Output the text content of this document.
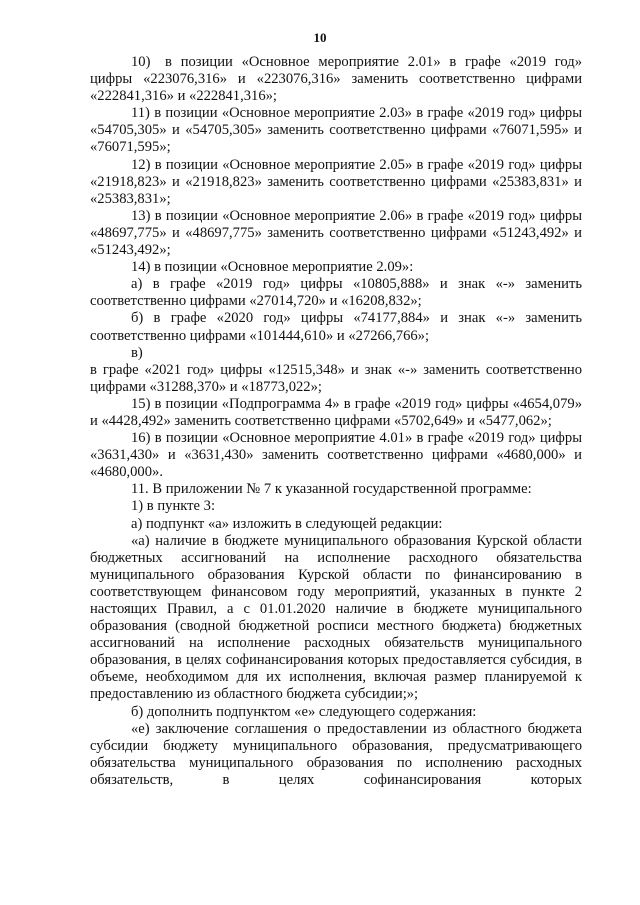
10

10) в позиции «Основное мероприятие 2.01» в графе «2019 год» цифры «223076,316» и «223076,316» заменить соответственно цифрами «222841,316» и «222841,316»;

11) в позиции «Основное мероприятие 2.03» в графе «2019 год» цифры «54705,305» и «54705,305» заменить соответственно цифрами «76071,595» и «76071,595»;

12) в позиции «Основное мероприятие 2.05» в графе «2019 год» цифры «21918,823» и «21918,823» заменить соответственно цифрами «25383,831» и «25383,831»;

13) в позиции «Основное мероприятие 2.06» в графе «2019 год» цифры «48697,775» и «48697,775» заменить соответственно цифрами «51243,492» и «51243,492»;

14) в позиции «Основное мероприятие 2.09»:

а) в графе «2019 год» цифры «10805,888» и знак «-» заменить соответственно цифрами «27014,720» и «16208,832»;

б) в графе «2020 год» цифры «74177,884» и знак «-» заменить соответственно цифрами «101444,610» и «27266,766»;

в)

в графе «2021 год» цифры «12515,348» и знак «-» заменить соответственно цифрами «31288,370» и «18773,022»;

15) в позиции «Подпрограмма 4» в графе «2019 год» цифры «4654,079» и «4428,492» заменить соответственно цифрами «5702,649» и «5477,062»;

16) в позиции «Основное мероприятие 4.01» в графе «2019 год» цифры «3631,430» и «3631,430» заменить соответственно цифрами «4680,000» и «4680,000».

11. В приложении № 7 к указанной государственной программе:

1) в пункте 3:

а) подпункт «а» изложить в следующей редакции:

«а) наличие в бюджете муниципального образования Курской области бюджетных ассигнований на исполнение расходного обязательства муниципального образования Курской области по финансированию в соответствующем финансовом году мероприятий, указанных в пункте 2 настоящих Правил, а с 01.01.2020 наличие в бюджете муниципального образования (сводной бюджетной росписи местного бюджета) бюджетных ассигнований на исполнение расходных обязательств муниципального образования, в целях софинансирования которых предоставляется субсидия, в объеме, необходимом для их исполнения, включая размер планируемой к предоставлению из областного бюджета субсидии;»;

б) дополнить подпунктом «е» следующего содержания:

«е) заключение соглашения о предоставлении из областного бюджета субсидии бюджету муниципального образования, предусматривающего обязательства муниципального образования по исполнению расходных обязательств, в целях софинансирования которых
